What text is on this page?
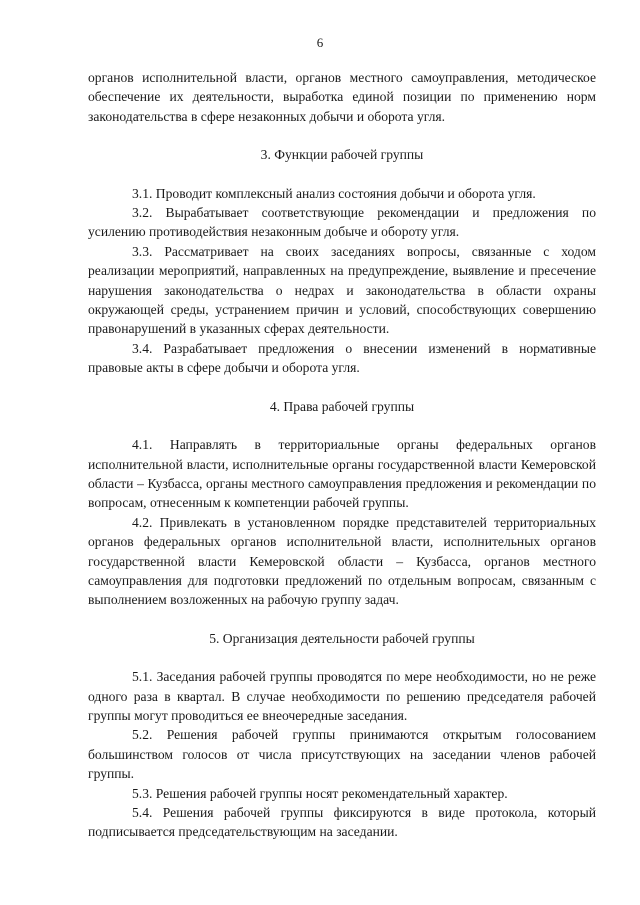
6

органов исполнительной власти, органов местного самоуправления, методическое обеспечение их деятельности, выработка единой позиции по применению норм законодательства в сфере незаконных добычи и оборота угля.

3. Функции рабочей группы

3.1. Проводит комплексный анализ состояния добычи и оборота угля.

3.2. Вырабатывает соответствующие рекомендации и предложения по усилению противодействия незаконным добыче и обороту угля.

3.3. Рассматривает на своих заседаниях вопросы, связанные с ходом реализации мероприятий, направленных на предупреждение, выявление и пресечение нарушения законодательства о недрах и законодательства в области охраны окружающей среды, устранением причин и условий, способствующих совершению правонарушений в указанных сферах деятельности.

3.4. Разрабатывает предложения о внесении изменений в нормативные правовые акты в сфере добычи и оборота угля.

4. Права рабочей группы

4.1. Направлять в территориальные органы федеральных органов исполнительной власти, исполнительные органы государственной власти Кемеровской области – Кузбасса, органы местного самоуправления предложения и рекомендации по вопросам, отнесенным к компетенции рабочей группы.

4.2. Привлекать в установленном порядке представителей территориальных органов федеральных органов исполнительной власти, исполнительных органов государственной власти Кемеровской области – Кузбасса, органов местного самоуправления для подготовки предложений по отдельным вопросам, связанным с выполнением возложенных на рабочую группу задач.

5. Организация деятельности рабочей группы

5.1. Заседания рабочей группы проводятся по мере необходимости, но не реже одного раза в квартал. В случае необходимости по решению председателя рабочей группы могут проводиться ее внеочередные заседания.

5.2. Решения рабочей группы принимаются открытым голосованием большинством голосов от числа присутствующих на заседании членов рабочей группы.

5.3. Решения рабочей группы носят рекомендательный характер.

5.4. Решения рабочей группы фиксируются в виде протокола, который подписывается председательствующим на заседании.
